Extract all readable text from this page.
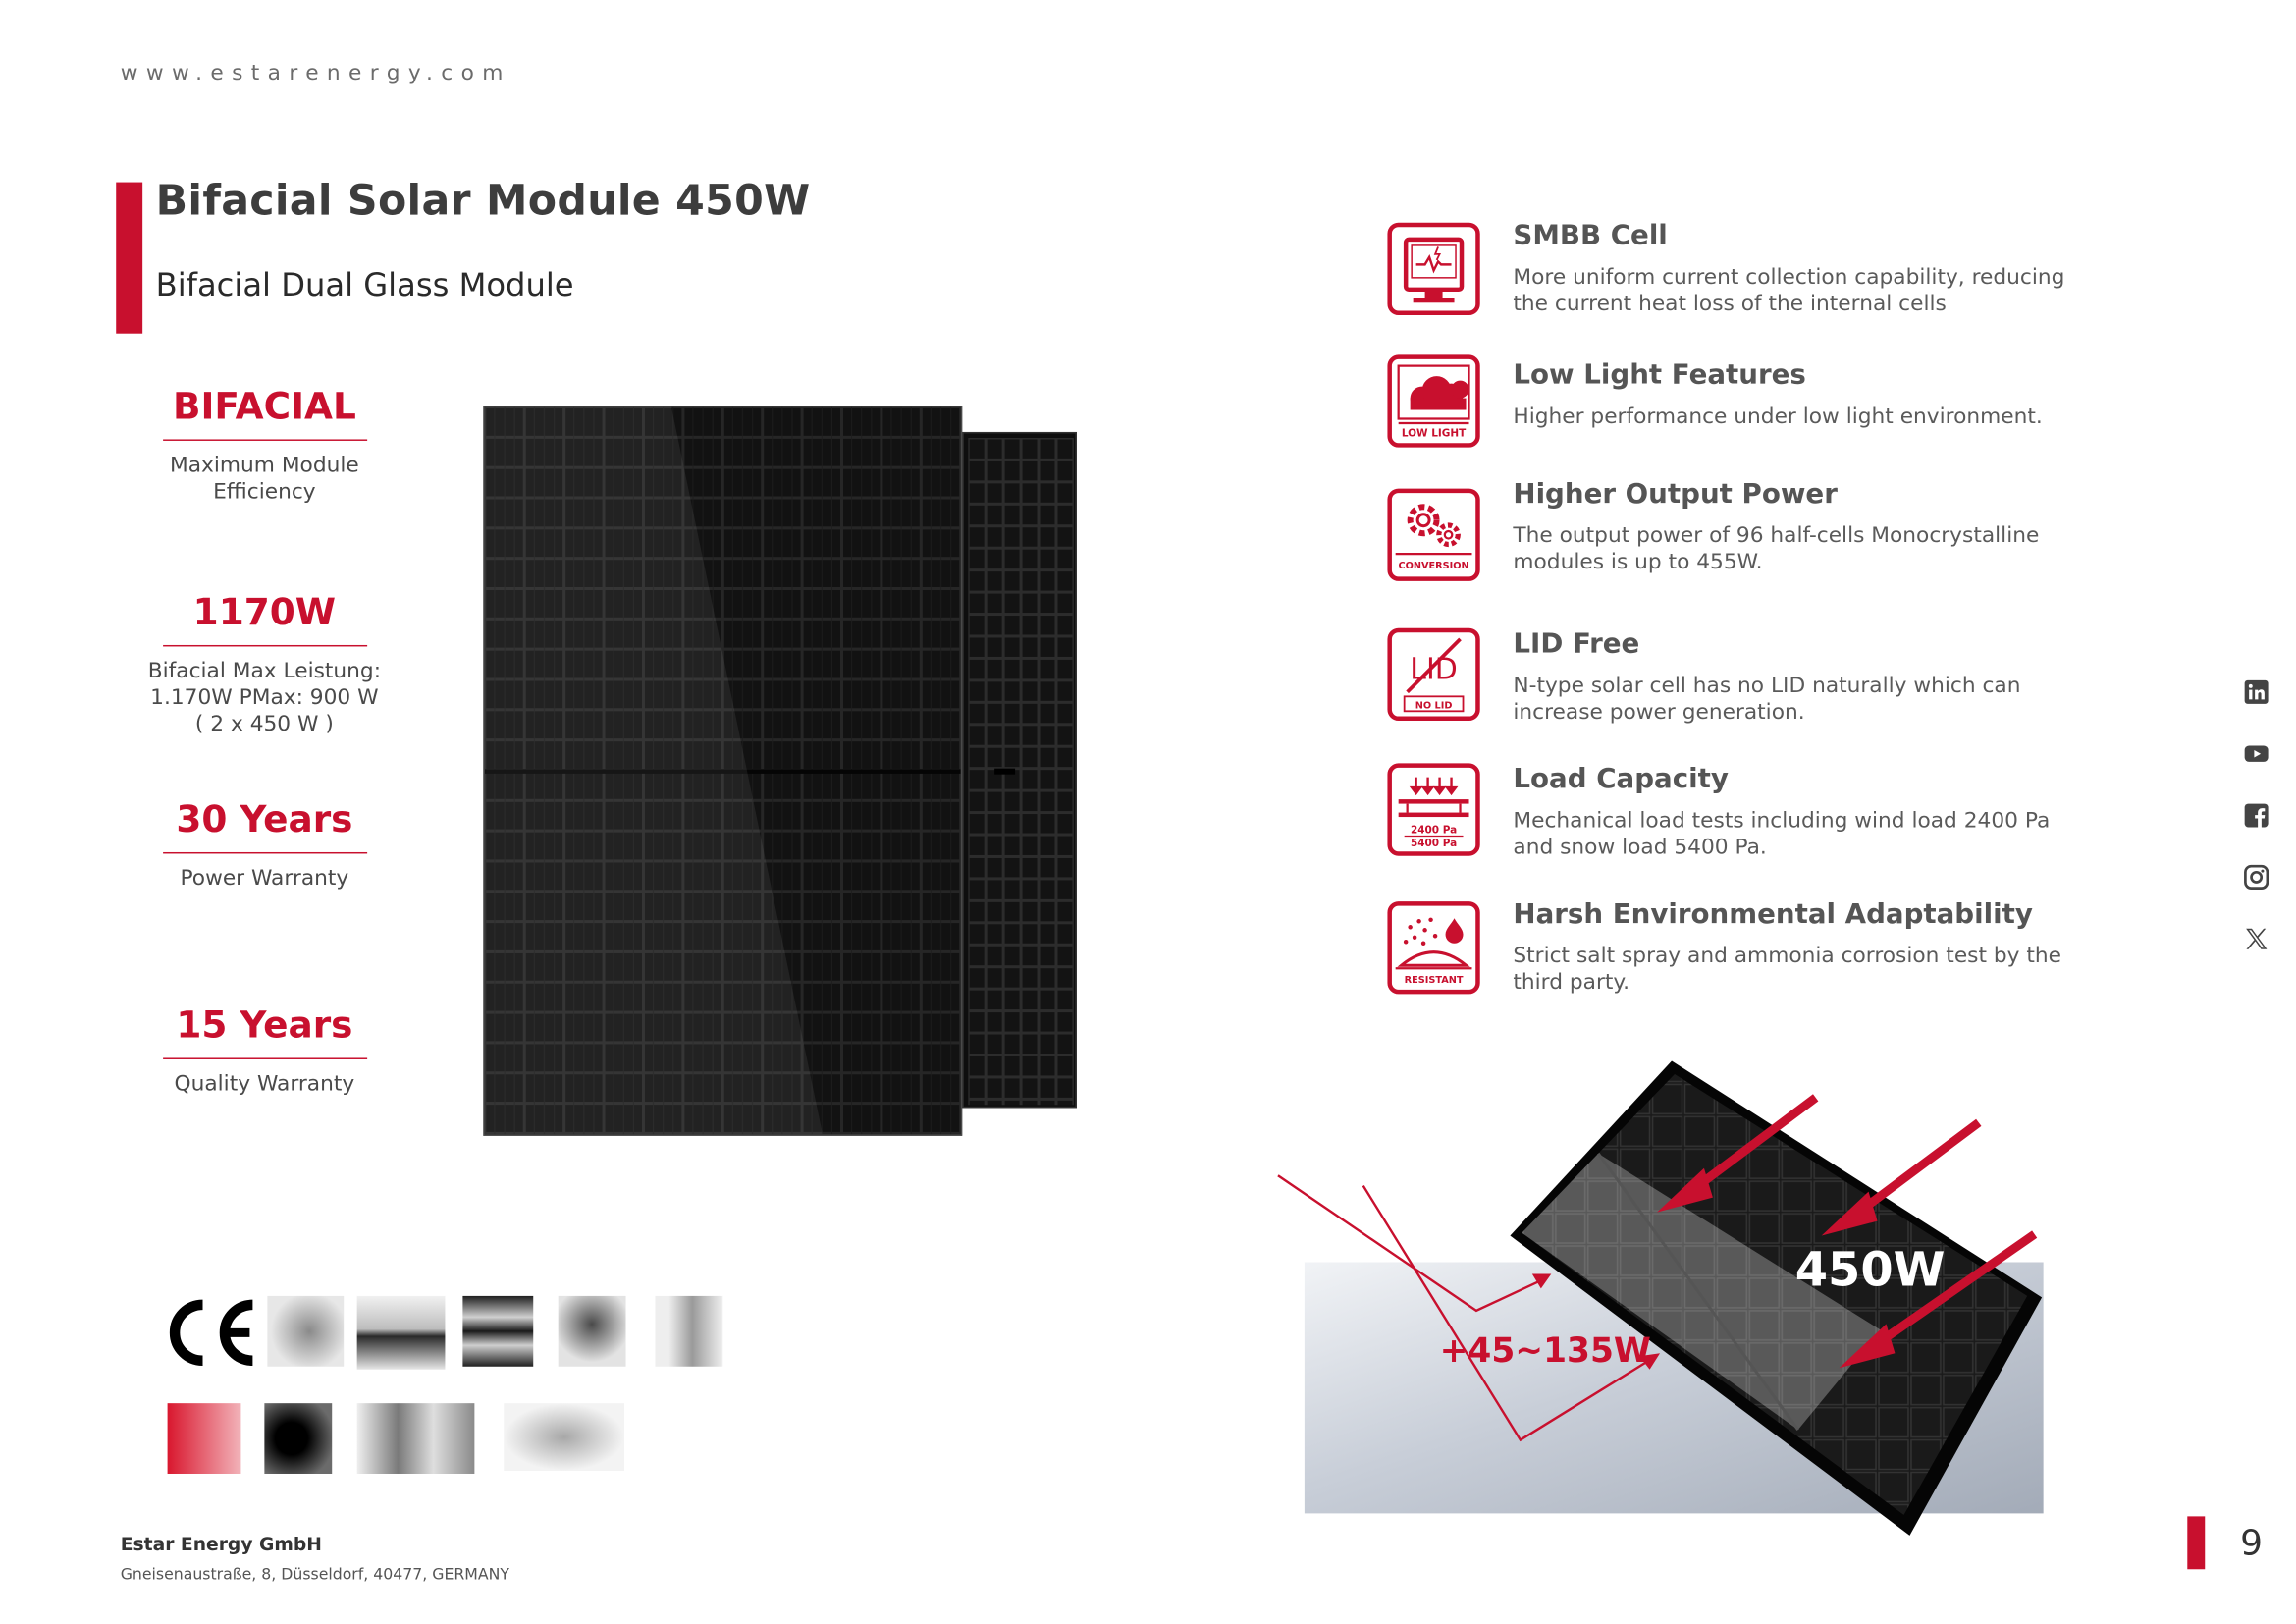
www.estarenergy.com
Bifacial Solar Module 450W
Bifacial Dual Glass Module
BIFACIAL
Maximum Module Efficiency
1170W
Bifacial Max Leistung: 1.170W PMax: 900 W ( 2 x 450 W )
30 Years
Power Warranty
15 Years
Quality Warranty
SMBB Cell
More uniform current collection capability, reducing the current heat loss of the internal cells
LOW LIGHT
Low Light Features
Higher performance under low light environment.
CONVERSION
Higher Output Power
The output power of 96 half-cells Monocrystalline modules is up to 455W.
LID
NO LID
LID Free
N-type solar cell has no LID naturally which can increase power generation.
2400 Pa
5400 Pa
Load Capacity
Mechanical load tests including wind load 2400 Pa and snow load 5400 Pa.
RESISTANT
Harsh Environmental Adaptability
Strict salt spray and ammonia corrosion test by the third party.
450W
+45~135W
Estar Energy GmbH
Gneisenaustraße, 8, Düsseldorf, 40477, GERMANY
9
